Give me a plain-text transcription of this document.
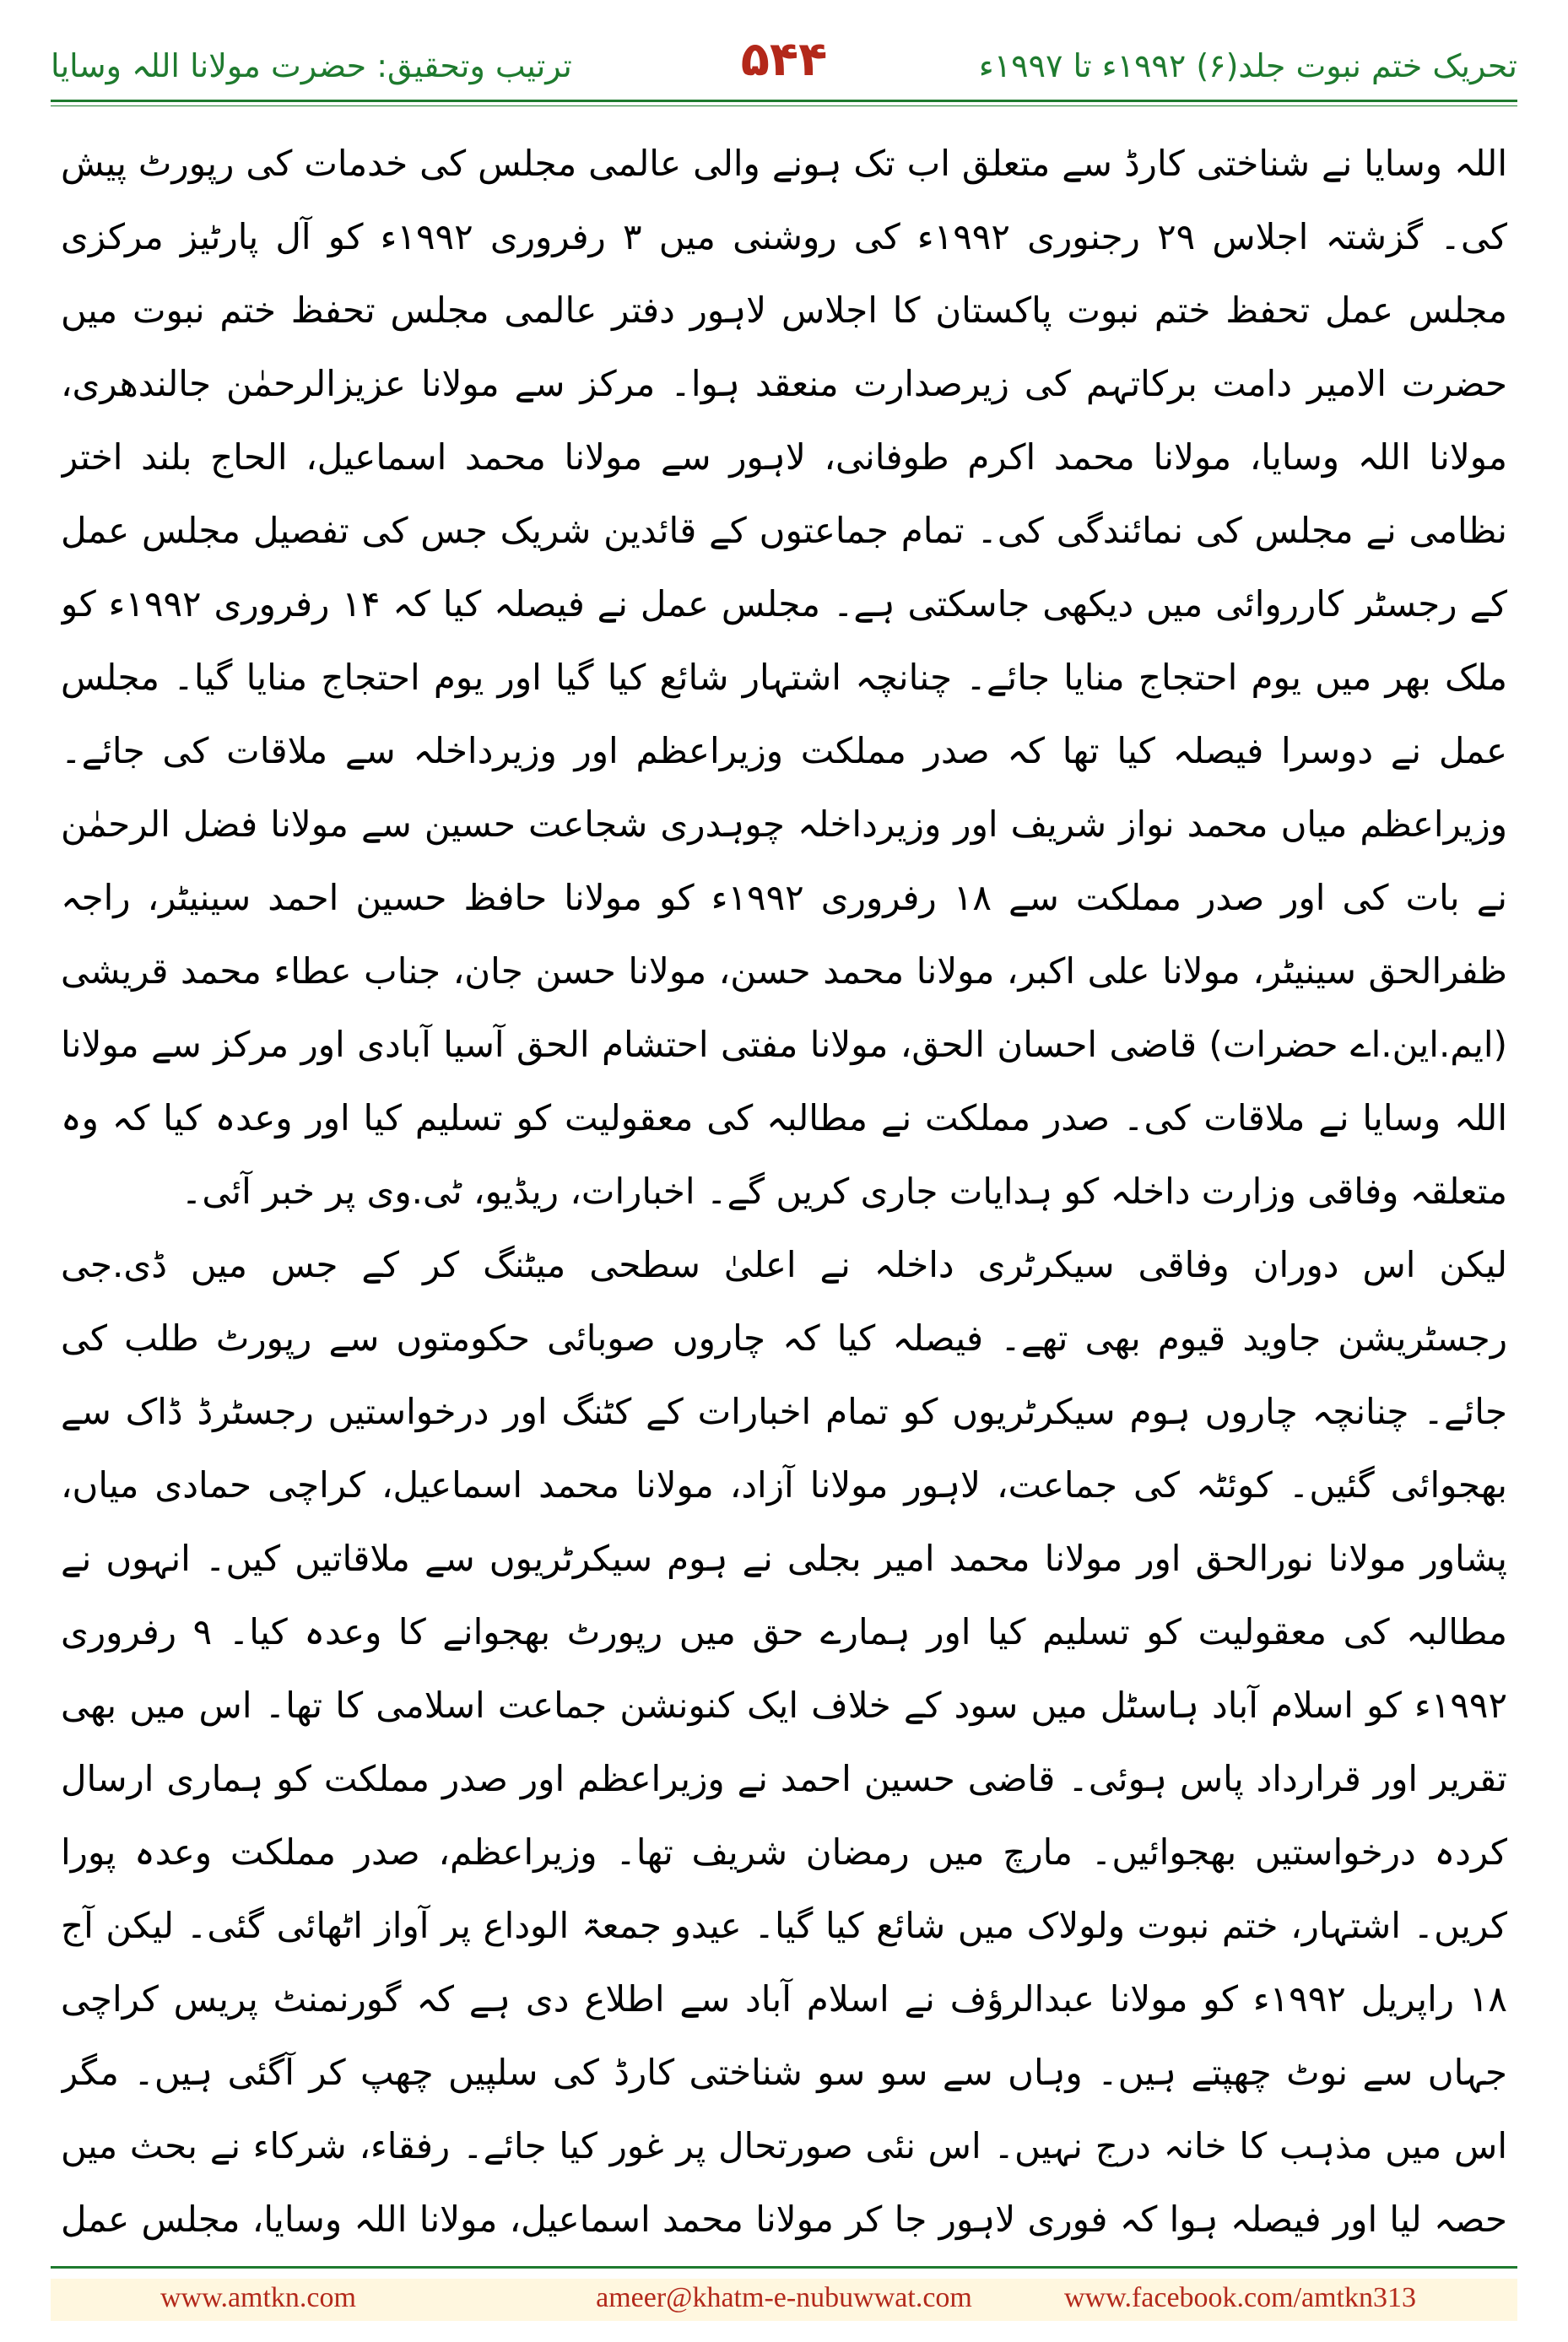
ترتیب وتحقیق: حضرت مولانا اللہ وسایا	۵۴۴	تحریک ختم نبوت جلد(۶) ۱۹۹۲ء تا ۱۹۹۷ء

اللہ وسایا نے شناختی کارڈ سے متعلق اب تک ہونے والی عالمی مجلس کی خدمات کی رپورٹ پیش کی۔ گزشتہ اجلاس ۲۹ رجنوری ۱۹۹۲ء کی روشنی میں ۳ رفروری ۱۹۹۲ء کو آل پارٹیز مرکزی مجلس عمل تحفظ ختم نبوت پاکستان کا اجلاس لاہور دفتر عالمی مجلس تحفظ ختم نبوت میں حضرت الامیر دامت برکاتہم کی زیرصدارت منعقد ہوا۔ مرکز سے مولانا عزیزالرحمٰن جالندھری، مولانا اللہ وسایا، مولانا محمد اکرم طوفانی، لاہور سے مولانا محمد اسماعیل، الحاج بلند اختر نظامی نے مجلس کی نمائندگی کی۔ تمام جماعتوں کے قائدین شریک جس کی تفصیل مجلس عمل کے رجسٹر کارروائی میں دیکھی جاسکتی ہے۔ مجلس عمل نے فیصلہ کیا کہ ۱۴ رفروری ۱۹۹۲ء کو ملک بھر میں یوم احتجاج منایا جائے۔ چنانچہ اشتہار شائع کیا گیا اور یوم احتجاج منایا گیا۔ مجلس عمل نے دوسرا فیصلہ کیا تھا کہ صدر مملکت وزیراعظم اور وزیرداخلہ سے ملاقات کی جائے۔ وزیراعظم میاں محمد نواز شریف اور وزیرداخلہ چوہدری شجاعت حسین سے مولانا فضل الرحمٰن نے بات کی اور صدر مملکت سے ۱۸ رفروری ۱۹۹۲ء کو مولانا حافظ حسین احمد سینیٹر، راجہ ظفرالحق سینیٹر، مولانا علی اکبر، مولانا محمد حسن، مولانا حسن جان، جناب عطاء محمد قریشی (ایم.این.اے حضرات) قاضی احسان الحق، مولانا مفتی احتشام الحق آسیا آبادی اور مرکز سے مولانا اللہ وسایا نے ملاقات کی۔ صدر مملکت نے مطالبہ کی معقولیت کو تسلیم کیا اور وعدہ کیا کہ وہ متعلقہ وفاقی وزارت داخلہ کو ہدایات جاری کریں گے۔ اخبارات، ریڈیو، ٹی.وی پر خبر آئی۔

لیکن اس دوران وفاقی سیکرٹری داخلہ نے اعلیٰ سطحی میٹنگ کر کے جس میں ڈی.جی رجسٹریشن جاوید قیوم بھی تھے۔ فیصلہ کیا کہ چاروں صوبائی حکومتوں سے رپورٹ طلب کی جائے۔ چنانچہ چاروں ہوم سیکرٹریوں کو تمام اخبارات کے کٹنگ اور درخواستیں رجسٹرڈ ڈاک سے بھجوائی گئیں۔ کوئٹہ کی جماعت، لاہور مولانا آزاد، مولانا محمد اسماعیل، کراچی حمادی میاں، پشاور مولانا نورالحق اور مولانا محمد امیر بجلی نے ہوم سیکرٹریوں سے ملاقاتیں کیں۔ انہوں نے مطالبہ کی معقولیت کو تسلیم کیا اور ہمارے حق میں رپورٹ بھجوانے کا وعدہ کیا۔ ۹ رفروری ۱۹۹۲ء کو اسلام آباد ہاسٹل میں سود کے خلاف ایک کنونشن جماعت اسلامی کا تھا۔ اس میں بھی تقریر اور قرارداد پاس ہوئی۔ قاضی حسین احمد نے وزیراعظم اور صدر مملکت کو ہماری ارسال کردہ درخواستیں بھجوائیں۔ مارچ میں رمضان شریف تھا۔ وزیراعظم، صدر مملکت وعدہ پورا کریں۔ اشتہار، ختم نبوت ولولاک میں شائع کیا گیا۔ عیدو جمعۃ الوداع پر آواز اٹھائی گئی۔ لیکن آج ۱۸ راپریل ۱۹۹۲ء کو مولانا عبدالرؤف نے اسلام آباد سے اطلاع دی ہے کہ گورنمنٹ پریس کراچی جہاں سے نوٹ چھپتے ہیں۔ وہاں سے سو سو شناختی کارڈ کی سلپیں چھپ کر آگئی ہیں۔ مگر اس میں مذہب کا خانہ درج نہیں۔ اس نئی صورتحال پر غور کیا جائے۔ رفقاء، شرکاء نے بحث میں حصہ لیا اور فیصلہ ہوا کہ فوری لاہور جا کر مولانا محمد اسماعیل، مولانا اللہ وسایا، مجلس عمل

www.amtkn.com	ameer@khatm-e-nubuwwat.com	www.facebook.com/amtkn313
